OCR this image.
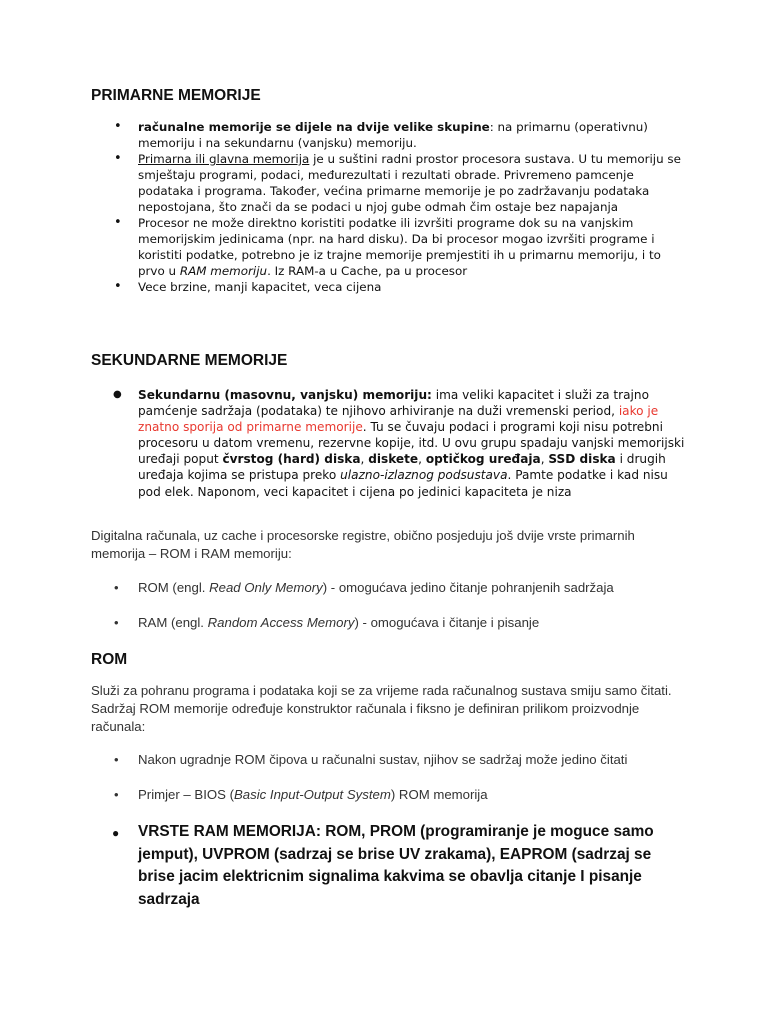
PRIMARNE MEMORIJE
• računalne memorije se dijele na dvije velike skupine: na primarnu (operativnu) memoriju i na sekundarnu (vanjsku) memoriju.
• Primarna ili glavna memorija je u suštini radni prostor procesora sustava. U tu memoriju se smještaju programi, podaci, međurezultati i rezultati obrade. Privremeno pamcenje podataka i programa. Također, većina primarne memorije je po zadržavanju podataka nepostojana, što znači da se podaci u njoj gube odmah čim ostaje bez napajanja
• Procesor ne može direktno koristiti podatke ili izvršiti programe dok su na vanjskim memorijskim jedinicama (npr. na hard disku). Da bi procesor mogao izvršiti programe i koristiti podatke, potrebno je iz trajne memorije premjestiti ih u primarnu memoriju, i to prvo u RAM memoriju. Iz RAM-a u Cache, pa u procesor
• Vece brzine, manji kapacitet, veca cijena
SEKUNDARNE MEMORIJE
● Sekundarnu (masovnu, vanjsku) memoriju: ima veliki kapacitet i služi za trajno pamćenje sadržaja (podataka) te njihovo arhiviranje na duži vremenski period, iako je znatno sporija od primarne memorije. Tu se čuvaju podaci i programi koji nisu potrebni procesoru u datom vremenu, rezervne kopije, itd. U ovu grupu spadaju vanjski memorijski uređaji poput čvrstog (hard) diska, diskete, optičkog uređaja, SSD diska i drugih uređaja kojima se pristupa preko ulazno-izlaznog podsustava. Pamte podatke i kad nisu pod elek. Naponom, veci kapacitet i cijena po jedinici kapaciteta je niza

Digitalna računala, uz cache i procesorske registre, obično posjeduju još dvije vrste primarnih memorija – ROM i RAM memoriju:

• ROM (engl. Read Only Memory) - omogućava jedino čitanje pohranjenih sadržaja
• RAM (engl. Random Access Memory) - omogućava i čitanje i pisanje
ROM

Služi za pohranu programa i podataka koji se za vrijeme rada računalnog sustava smiju samo čitati. Sadržaj ROM memorije određuje konstruktor računala i fiksno je definiran prilikom proizvodnje računala:

• Nakon ugradnje ROM čipova u računalni sustav, njihov se sadržaj može jedino čitati
• Primjer – BIOS (Basic Input-Output System) ROM memorija
● VRSTE RAM MEMORIJA: ROM, PROM (programiranje je moguce samo jemput), UVPROM (sadrzaj se brise UV zrakama), EAPROM (sadrzaj se brise jacim elektricnim signalima kakvima se obavlja citanje I pisanje sadrzaja
